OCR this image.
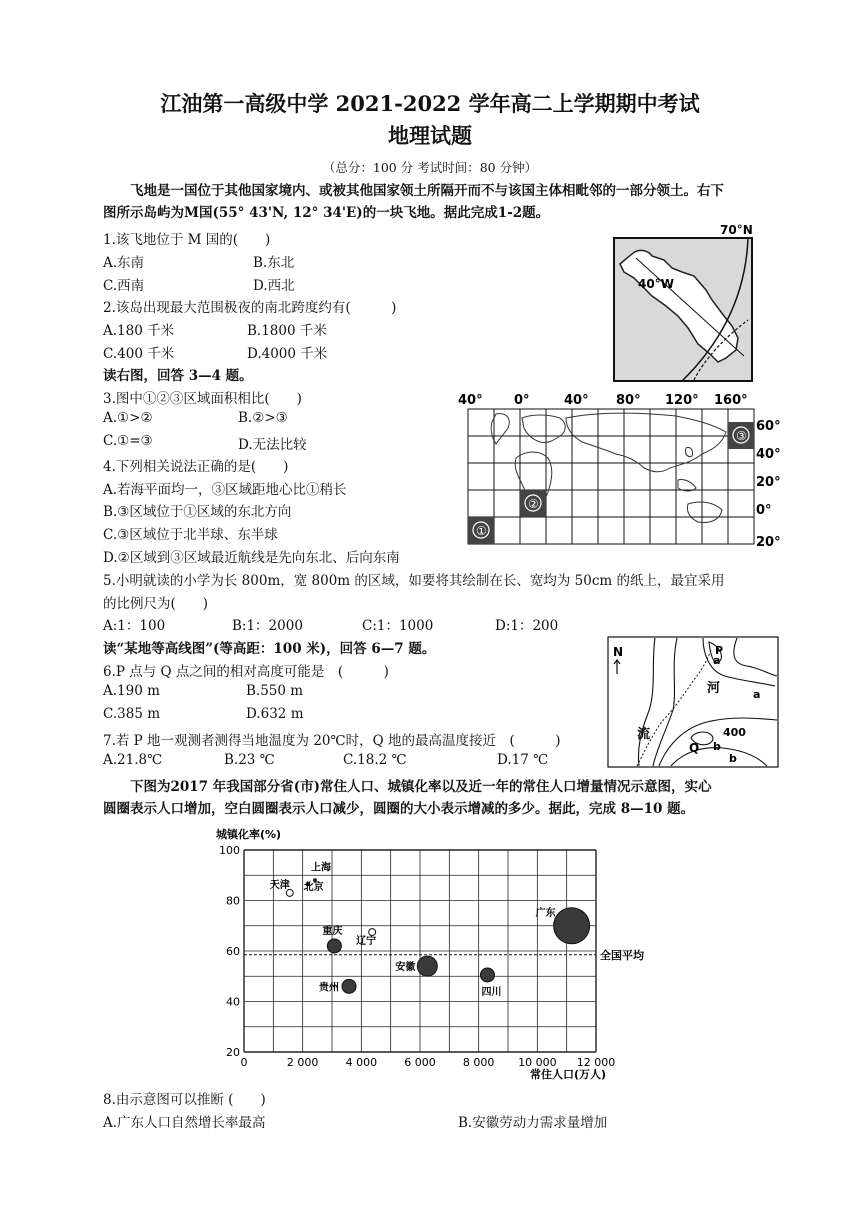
江油第一高级中学 2021-2022 学年高二上学期期中考试
地理试题
（总分：100 分 考试时间：80 分钟）
飞地是一国位于其他国家境内、或被其他国家领土所隔开而不与该国主体相毗邻的一部分领土。右下
图所示岛屿为M国(55° 43'N, 12° 34'E)的一块飞地。据此完成1-2题。
1.该飞地位于 M 国的(　　)
A.东南	B.东北
C.西南	D.西北
2.该岛出现最大范围极夜的南北跨度约有(　　　)
A.180 千米	B.1800 千米
C.400 千米	D.4000 千米
读右图，回答 3—4 题。
3.图中①②③区域面积相比(　　)
A.①>②	B.②>③
C.①=③	D.无法比较
4.下列相关说法正确的是(　　)
A.若海平面均一，③区域距地心比①稍长
B.③区域位于①区域的东北方向
C.③区域位于北半球、东半球
D.②区域到③区域最近航线是先向东北、后向东南
5.小明就读的小学为长 800m，宽 800m 的区域，如要将其绘制在长、宽均为 50cm 的纸上，最宜采用
的比例尺为(　　)
A:1：100	B:1：2000	C:1：1000	D:1：200
读“某地等高线图”(等高距：100 米)，回答 6—7 题。
6.P 点与 Q 点之间的相对高度可能是　(　　　)
A.190 m	B.550 m
C.385 m	D.632 m
7.若 P 地一观测者测得当地温度为 20℃时，Q 地的最高温度接近　(　　　)
A.21.8℃	B.23 ℃	C.18.2 ℃	D.17 ℃
下图为2017 年我国部分省(市)常住人口、城镇化率以及近一年的常住人口增量情况示意图，实心
圆圈表示人口增加，空白圆圈表示人口减少，圆圈的大小表示增减的多少。据此，完成 8—10 题。
8.由示意图可以推断 (　　)
A.广东人口自然增长率最高	B.安徽劳动力需求量增加
70°N
40°W
40° 0°	40° 80° 120° 160°
60°
40°
20°
0°
20°
①
②
③
N	P
Q
a
a
b
b
河
流	400
城镇化率(%)
常住人口(万人)
0	2 000 4 000 6 000 8 000 10 000 12 000
20
40
60
80
100
全国平均
天津
上海
北京
重庆
辽宁
安徽
贵州	四川
广东
